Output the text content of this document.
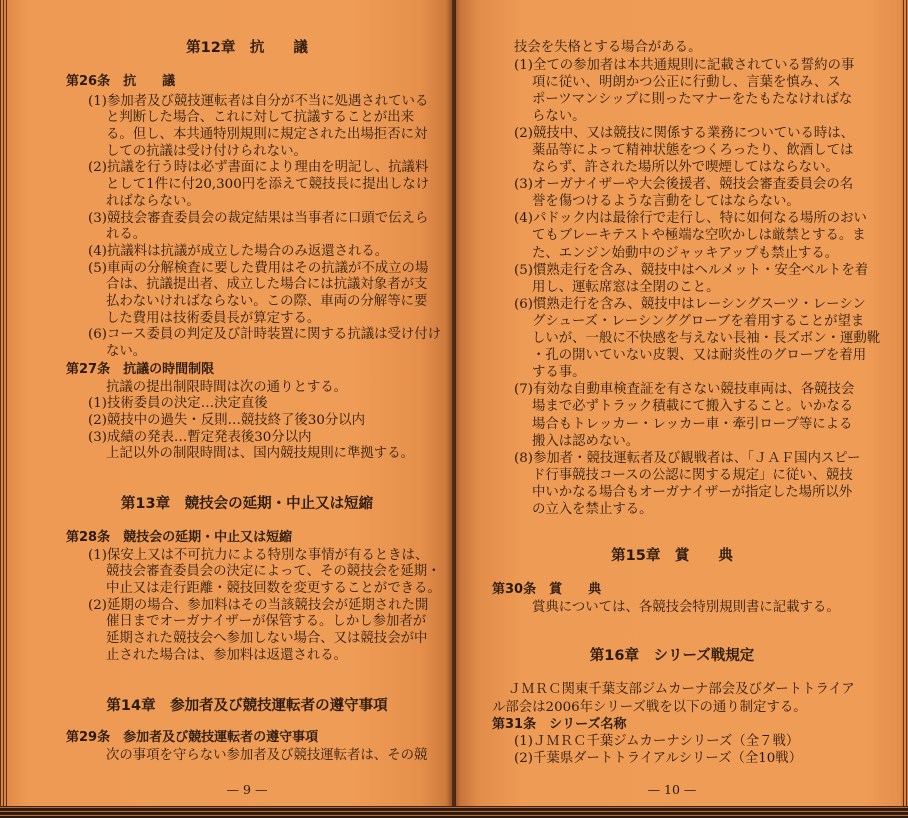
第12章 抗　　議
第26条 抗　　議
(1)参加者及び競技運転者は自分が不当に処遇されている
と判断した場合、これに対して抗議することが出来
る。但し、本共通特別規則に規定された出場拒否に対
しての抗議は受け付けられない。
(2)抗議を行う時は必ず書面により理由を明記し、抗議料
として1件に付20,300円を添えて競技長に提出しなけ
ればならない。
(3)競技会審査委員会の裁定結果は当事者に口頭で伝えら
れる。
(4)抗議料は抗議が成立した場合のみ返還される。
(5)車両の分解検査に要した費用はその抗議が不成立の場
合は、抗議提出者、成立した場合には抗議対象者が支
払わないければならない。この際、車両の分解等に要
した費用は技術委員長が算定する。
(6)コース委員の判定及び計時装置に関する抗議は受け付け
ない。
第27条 抗議の時間制限
抗議の提出制限時間は次の通りとする。
(1)技術委員の決定…決定直後
(2)競技中の過失・反則…競技終了後30分以内
(3)成績の発表…暫定発表後30分以内
上記以外の制限時間は、国内競技規則に準拠する。
第13章 競技会の延期・中止又は短縮
第28条 競技会の延期・中止又は短縮
(1)保安上又は不可抗力による特別な事情が有るときは、
競技会審査委員会の決定によって、その競技会を延期・
中止又は走行距離・競技回数を変更することができる。
(2)延期の場合、参加料はその当該競技会が延期された開
催日までオーガナイザーが保管する。しかし参加者が
延期された競技会へ参加しない場合、又は競技会が中
止された場合は、参加料は返還される。
第14章 参加者及び競技運転者の遵守事項
第29条 参加者及び競技運転者の遵守事項
次の事項を守らない参加者及び競技運転者は、その競
— 9 —
技会を失格とする場合がある。
(1)全ての参加者は本共通規則に記載されている誓約の事
項に従い、明朗かつ公正に行動し、言葉を慎み、ス
ポーツマンシップに則ったマナーをたもたなければな
らない。
(2)競技中、又は競技に関係する業務についている時は、
薬品等によって精神状態をつくろったり、飲酒しては
ならず、許された場所以外で喫煙してはならない。
(3)オーガナイザーや大会後援者、競技会審査委員会の名
誉を傷つけるような言動をしてはならない。
(4)パドック内は最徐行で走行し、特に如何なる場所のおい
てもブレーキテストや極端な空吹かしは厳禁とする。ま
た、エンジン始動中のジャッキアップも禁止する。
(5)慣熟走行を含み、競技中はヘルメット・安全ベルトを着
用し、運転席窓は全閉のこと。
(6)慣熟走行を含み、競技中はレーシングスーツ・レーシン
グシューズ・レーシンググローブを着用することが望ま
しいが、一般に不快感を与えない長袖・長ズボン・運動靴
・孔の開いていない皮製、又は耐炎性のグローブを着用
する事。
(7)有効な自動車検査証を有さない競技車両は、各競技会
場まで必ずトラック積載にて搬入すること。いかなる
場合もトレッカー・レッカー車・牽引ロープ等による
搬入は認めない。
(8)参加者・競技運転者及び観戦者は、「ＪＡＦ国内スピー
ド行事競技コースの公認に関する規定」に従い、競技
中いかなる場合もオーガナイザーが指定した場所以外
の立入を禁止する。
第15章 賞　　典
第30条 賞　　典
賞典については、各競技会特別規則書に記載する。
第16章 シリーズ戦規定
ＪＭＲＣ関東千葉支部ジムカーナ部会及びダートトライア
ル部会は2006年シリーズ戦を以下の通り制定する。
第31条 シリーズ名称
(1)ＪＭＲＣ千葉ジムカーナシリーズ（全７戦）
(2)千葉県ダートトライアルシリーズ（全10戦）
— 10 —
